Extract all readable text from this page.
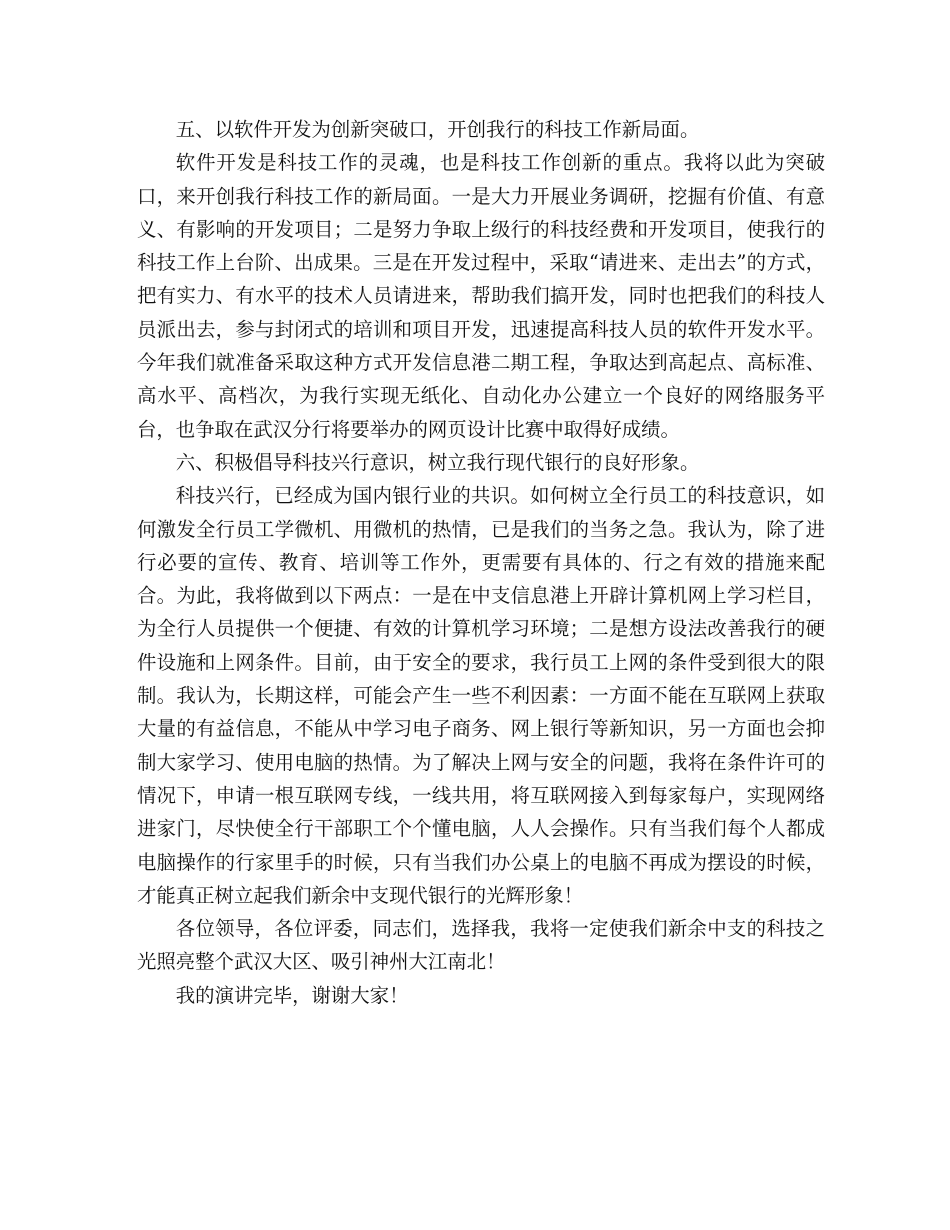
五、以软件开发为创新突破口，开创我行的科技工作新局面。

软件开发是科技工作的灵魂，也是科技工作创新的重点。我将以此为突破口，来开创我行科技工作的新局面。一是大力开展业务调研，挖掘有价值、有意义、有影响的开发项目；二是努力争取上级行的科技经费和开发项目，使我行的科技工作上台阶、出成果。三是在开发过程中，采取“请进来、走出去”的方式，把有实力、有水平的技术人员请进来，帮助我们搞开发，同时也把我们的科技人员派出去，参与封闭式的培训和项目开发，迅速提高科技人员的软件开发水平。今年我们就准备采取这种方式开发信息港二期工程，争取达到高起点、高标准、高水平、高档次，为我行实现无纸化、自动化办公建立一个良好的网络服务平台，也争取在武汉分行将要举办的网页设计比赛中取得好成绩。

六、积极倡导科技兴行意识，树立我行现代银行的良好形象。

科技兴行，已经成为国内银行业的共识。如何树立全行员工的科技意识，如何激发全行员工学微机、用微机的热情，已是我们的当务之急。我认为，除了进行必要的宣传、教育、培训等工作外，更需要有具体的、行之有效的措施来配合。为此，我将做到以下两点：一是在中支信息港上开辟计算机网上学习栏目，为全行人员提供一个便捷、有效的计算机学习环境；二是想方设法改善我行的硬件设施和上网条件。目前，由于安全的要求，我行员工上网的条件受到很大的限制。我认为，长期这样，可能会产生一些不利因素：一方面不能在互联网上获取大量的有益信息，不能从中学习电子商务、网上银行等新知识，另一方面也会抑制大家学习、使用电脑的热情。为了解决上网与安全的问题，我将在条件许可的情况下，申请一根互联网专线，一线共用，将互联网接入到每家每户，实现网络进家门，尽快使全行干部职工个个懂电脑，人人会操作。只有当我们每个人都成电脑操作的行家里手的时候，只有当我们办公桌上的电脑不再成为摆设的时候，才能真正树立起我们新余中支现代银行的光辉形象！

各位领导，各位评委，同志们，选择我，我将一定使我们新余中支的科技之光照亮整个武汉大区、吸引神州大江南北！

我的演讲完毕，谢谢大家！
